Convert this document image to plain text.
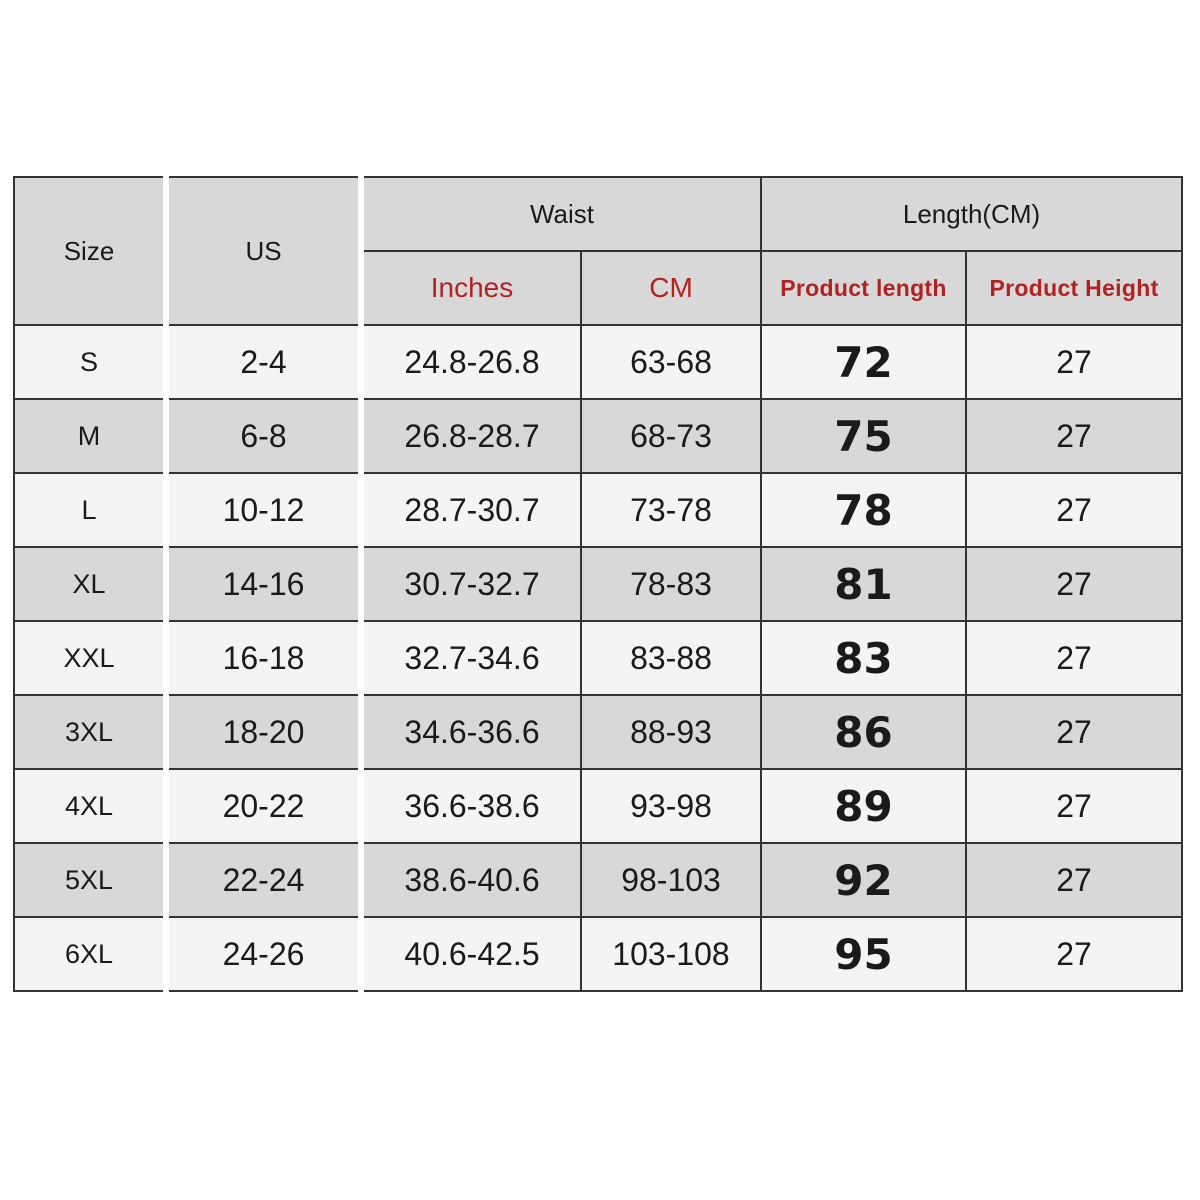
Size	US	Waist		Length(CM)	
		Inches	CM	Product length	Product Height
S	2-4	24.8-26.8	63-68	72	27
M	6-8	26.8-28.7	68-73	75	27
L	10-12	28.7-30.7	73-78	78	27
XL	14-16	30.7-32.7	78-83	81	27
XXL	16-18	32.7-34.6	83-88	83	27
3XL	18-20	34.6-36.6	88-93	86	27
4XL	20-22	36.6-38.6	93-98	89	27
5XL	22-24	38.6-40.6	98-103	92	27
6XL	24-26	40.6-42.5	103-108	95	27
